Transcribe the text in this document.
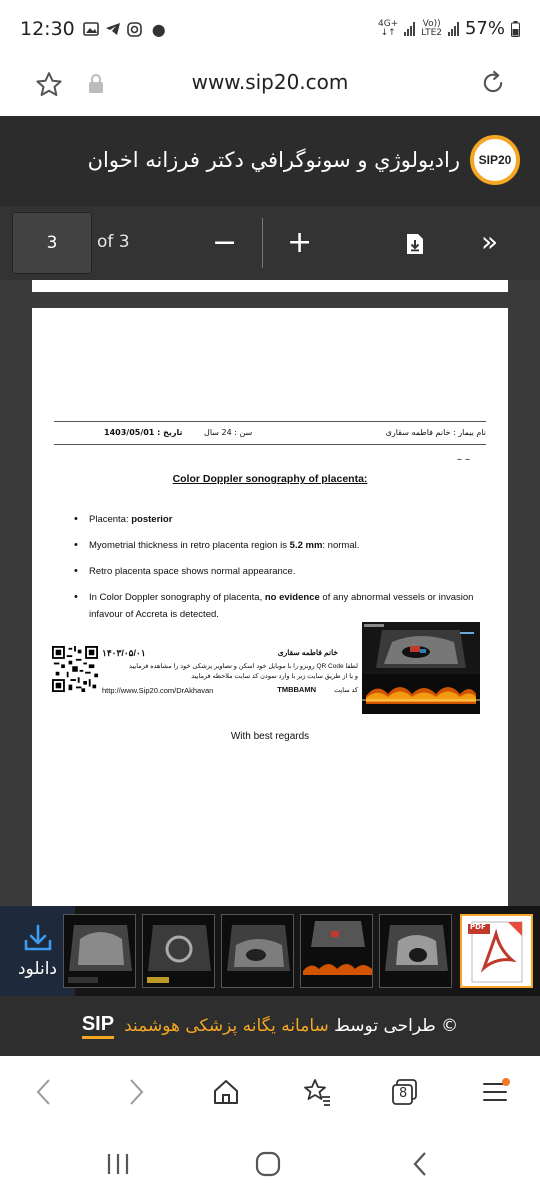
12:30	●	4G+
↓↑
Vo))
LTE2 57%
www.sip20.com
راديولوژي و سونوگرافي دكتر فرزانه اخوان SIP20
3	of 3	− +	»
نام بيمار : خانم فاطمه سقاری
سن : 24 سال
تاريخ : 1403/05/01
– –
Color Doppler sonography of placenta:
• Placenta: posterior
• Myometrial thickness in retro placenta region is 5.2 mm: normal.
• Retro placenta space shows normal appearance.
• In Color Doppler sonography of placenta, no evidence of any abnormal vessels or invasion infavour of Accreta is detected.
۱۴۰۳/۰۵/۰۱	خانم فاطمه سقاری
لطفا QR Code روبرو را با موبایل خود اسکن و تصاویر پزشکی خود را مشاهده فرمایید
و یا از طریق سایت زیر با وارد نمودن کد سایت ملاحظه فرمایید
کد سایت
TMBBAMN
http://www.Sip20.com/DrAkhavan
With best regards
دانلود
PDF
© طراحی توسط سامانه یگانه پزشکی هوشمند
SIP
8
